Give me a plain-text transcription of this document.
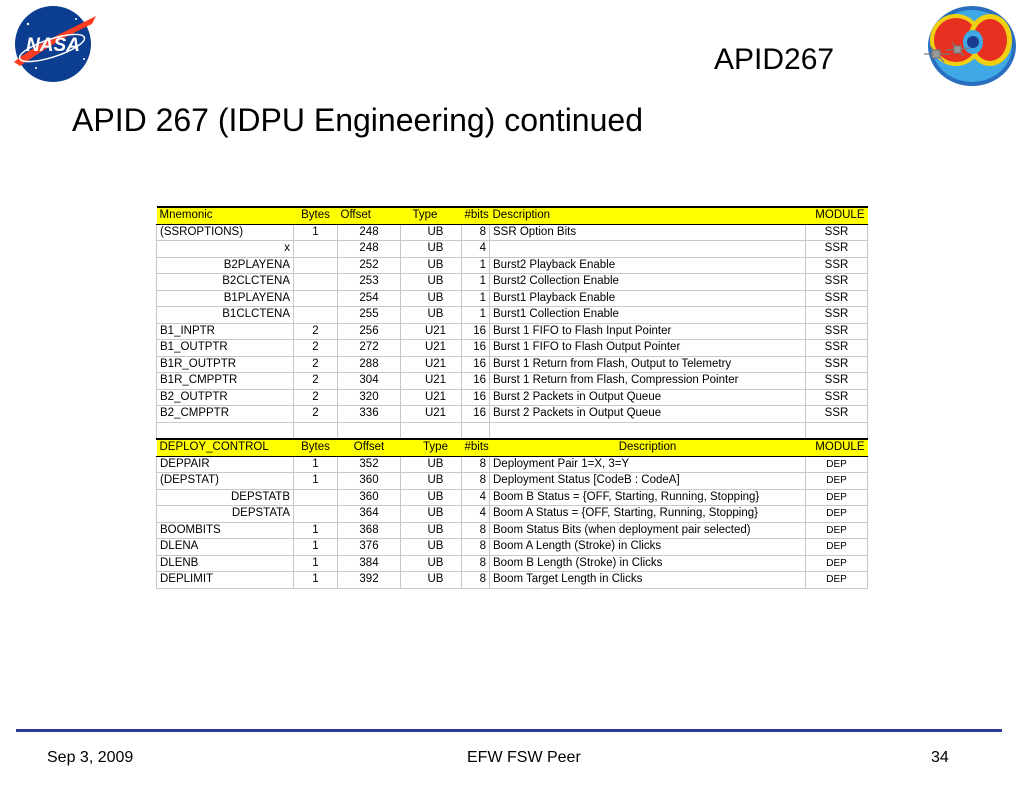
NASA	APID267
APID 267 (IDPU Engineering) continued
Mnemonic	Bytes	Offset	Type	#bits	Description	MODULE
(SSROPTIONS)	1	248	UB	8	SSR Option Bits	SSR
x		248	UB	4		SSR
B2PLAYENA		252	UB	1	Burst2 Playback Enable	SSR
B2CLCTENA		253	UB	1	Burst2 Collection Enable	SSR
B1PLAYENA		254	UB	1	Burst1 Playback Enable	SSR
B1CLCTENA		255	UB	1	Burst1 Collection Enable	SSR
B1_INPTR	2	256	U21	16	Burst 1 FIFO to Flash Input Pointer	SSR
B1_OUTPTR	2	272	U21	16	Burst 1 FIFO to Flash Output Pointer	SSR
B1R_OUTPTR	2	288	U21	16	Burst 1 Return from Flash, Output to Telemetry	SSR
B1R_CMPPTR	2	304	U21	16	Burst 1 Return from Flash, Compression Pointer	SSR
B2_OUTPTR	2	320	U21	16	Burst 2 Packets in Output Queue	SSR
B2_CMPPTR	2	336	U21	16	Burst 2 Packets in Output Queue	SSR

DEPLOY_CONTROL	Bytes	Offset	Type	#bits	Description	MODULE
DEPPAIR	1	352	UB	8	Deployment Pair 1=X, 3=Y	DEP
(DEPSTAT)	1	360	UB	8	Deployment Status [CodeB : CodeA]	DEP
DEPSTATB		360	UB	4	Boom B Status = {OFF, Starting, Running, Stopping}	DEP
DEPSTATA		364	UB	4	Boom A Status = {OFF, Starting, Running, Stopping}	DEP
BOOMBITS	1	368	UB	8	Boom Status Bits (when deployment pair selected)	DEP
DLENA	1	376	UB	8	Boom A Length (Stroke) in Clicks	DEP
DLENB	1	384	UB	8	Boom B Length (Stroke) in Clicks	DEP
DEPLIMIT	1	392	UB	8	Boom Target Length in Clicks	DEP
Sep 3, 2009	EFW FSW Peer	34
